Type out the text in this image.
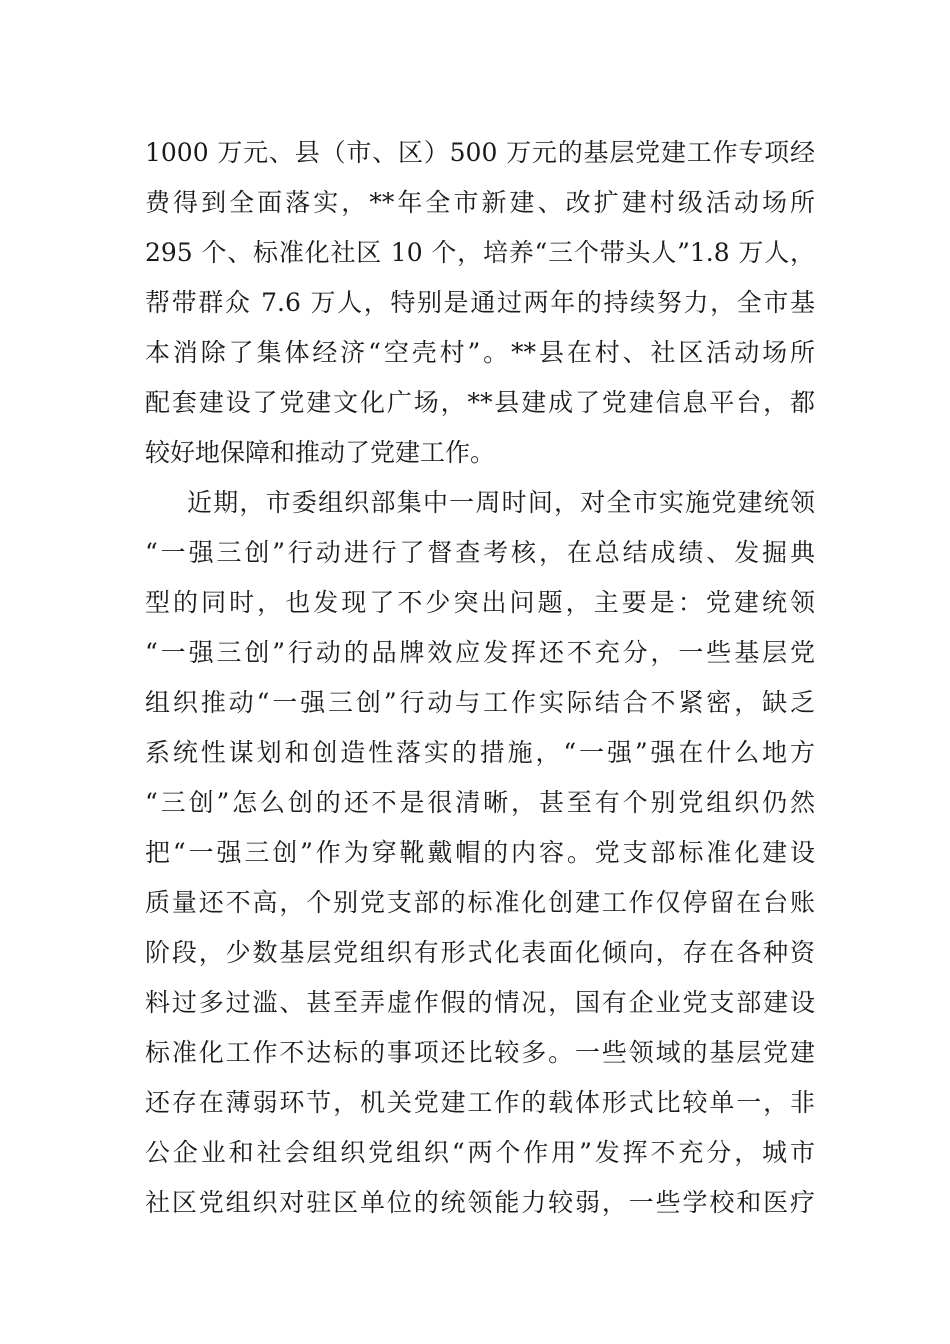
1000 万元、县（市、区）500 万元的基层党建工作专项经
费得到全面落实，**年全市新建、改扩建村级活动场所
295 个、标准化社区 10 个，培养“三个带头人”1.8 万人，
帮带群众 7.6 万人，特别是通过两年的持续努力，全市基
本消除了集体经济“空壳村”。**县在村、社区活动场所
配套建设了党建文化广场，**县建成了党建信息平台，都
较好地保障和推动了党建工作。
近期，市委组织部集中一周时间，对全市实施党建统领
“一强三创”行动进行了督查考核，在总结成绩、发掘典
型的同时，也发现了不少突出问题，主要是：党建统领
“一强三创”行动的品牌效应发挥还不充分，一些基层党
组织推动“一强三创”行动与工作实际结合不紧密，缺乏
系统性谋划和创造性落实的措施，“一强”强在什么地方
“三创”怎么创的还不是很清晰，甚至有个别党组织仍然
把“一强三创”作为穿靴戴帽的内容。党支部标准化建设
质量还不高，个别党支部的标准化创建工作仅停留在台账
阶段，少数基层党组织有形式化表面化倾向，存在各种资
料过多过滥、甚至弄虚作假的情况，国有企业党支部建设
标准化工作不达标的事项还比较多。一些领域的基层党建
还存在薄弱环节，机关党建工作的载体形式比较单一，非
公企业和社会组织党组织“两个作用”发挥不充分，城市
社区党组织对驻区单位的统领能力较弱，一些学校和医疗
